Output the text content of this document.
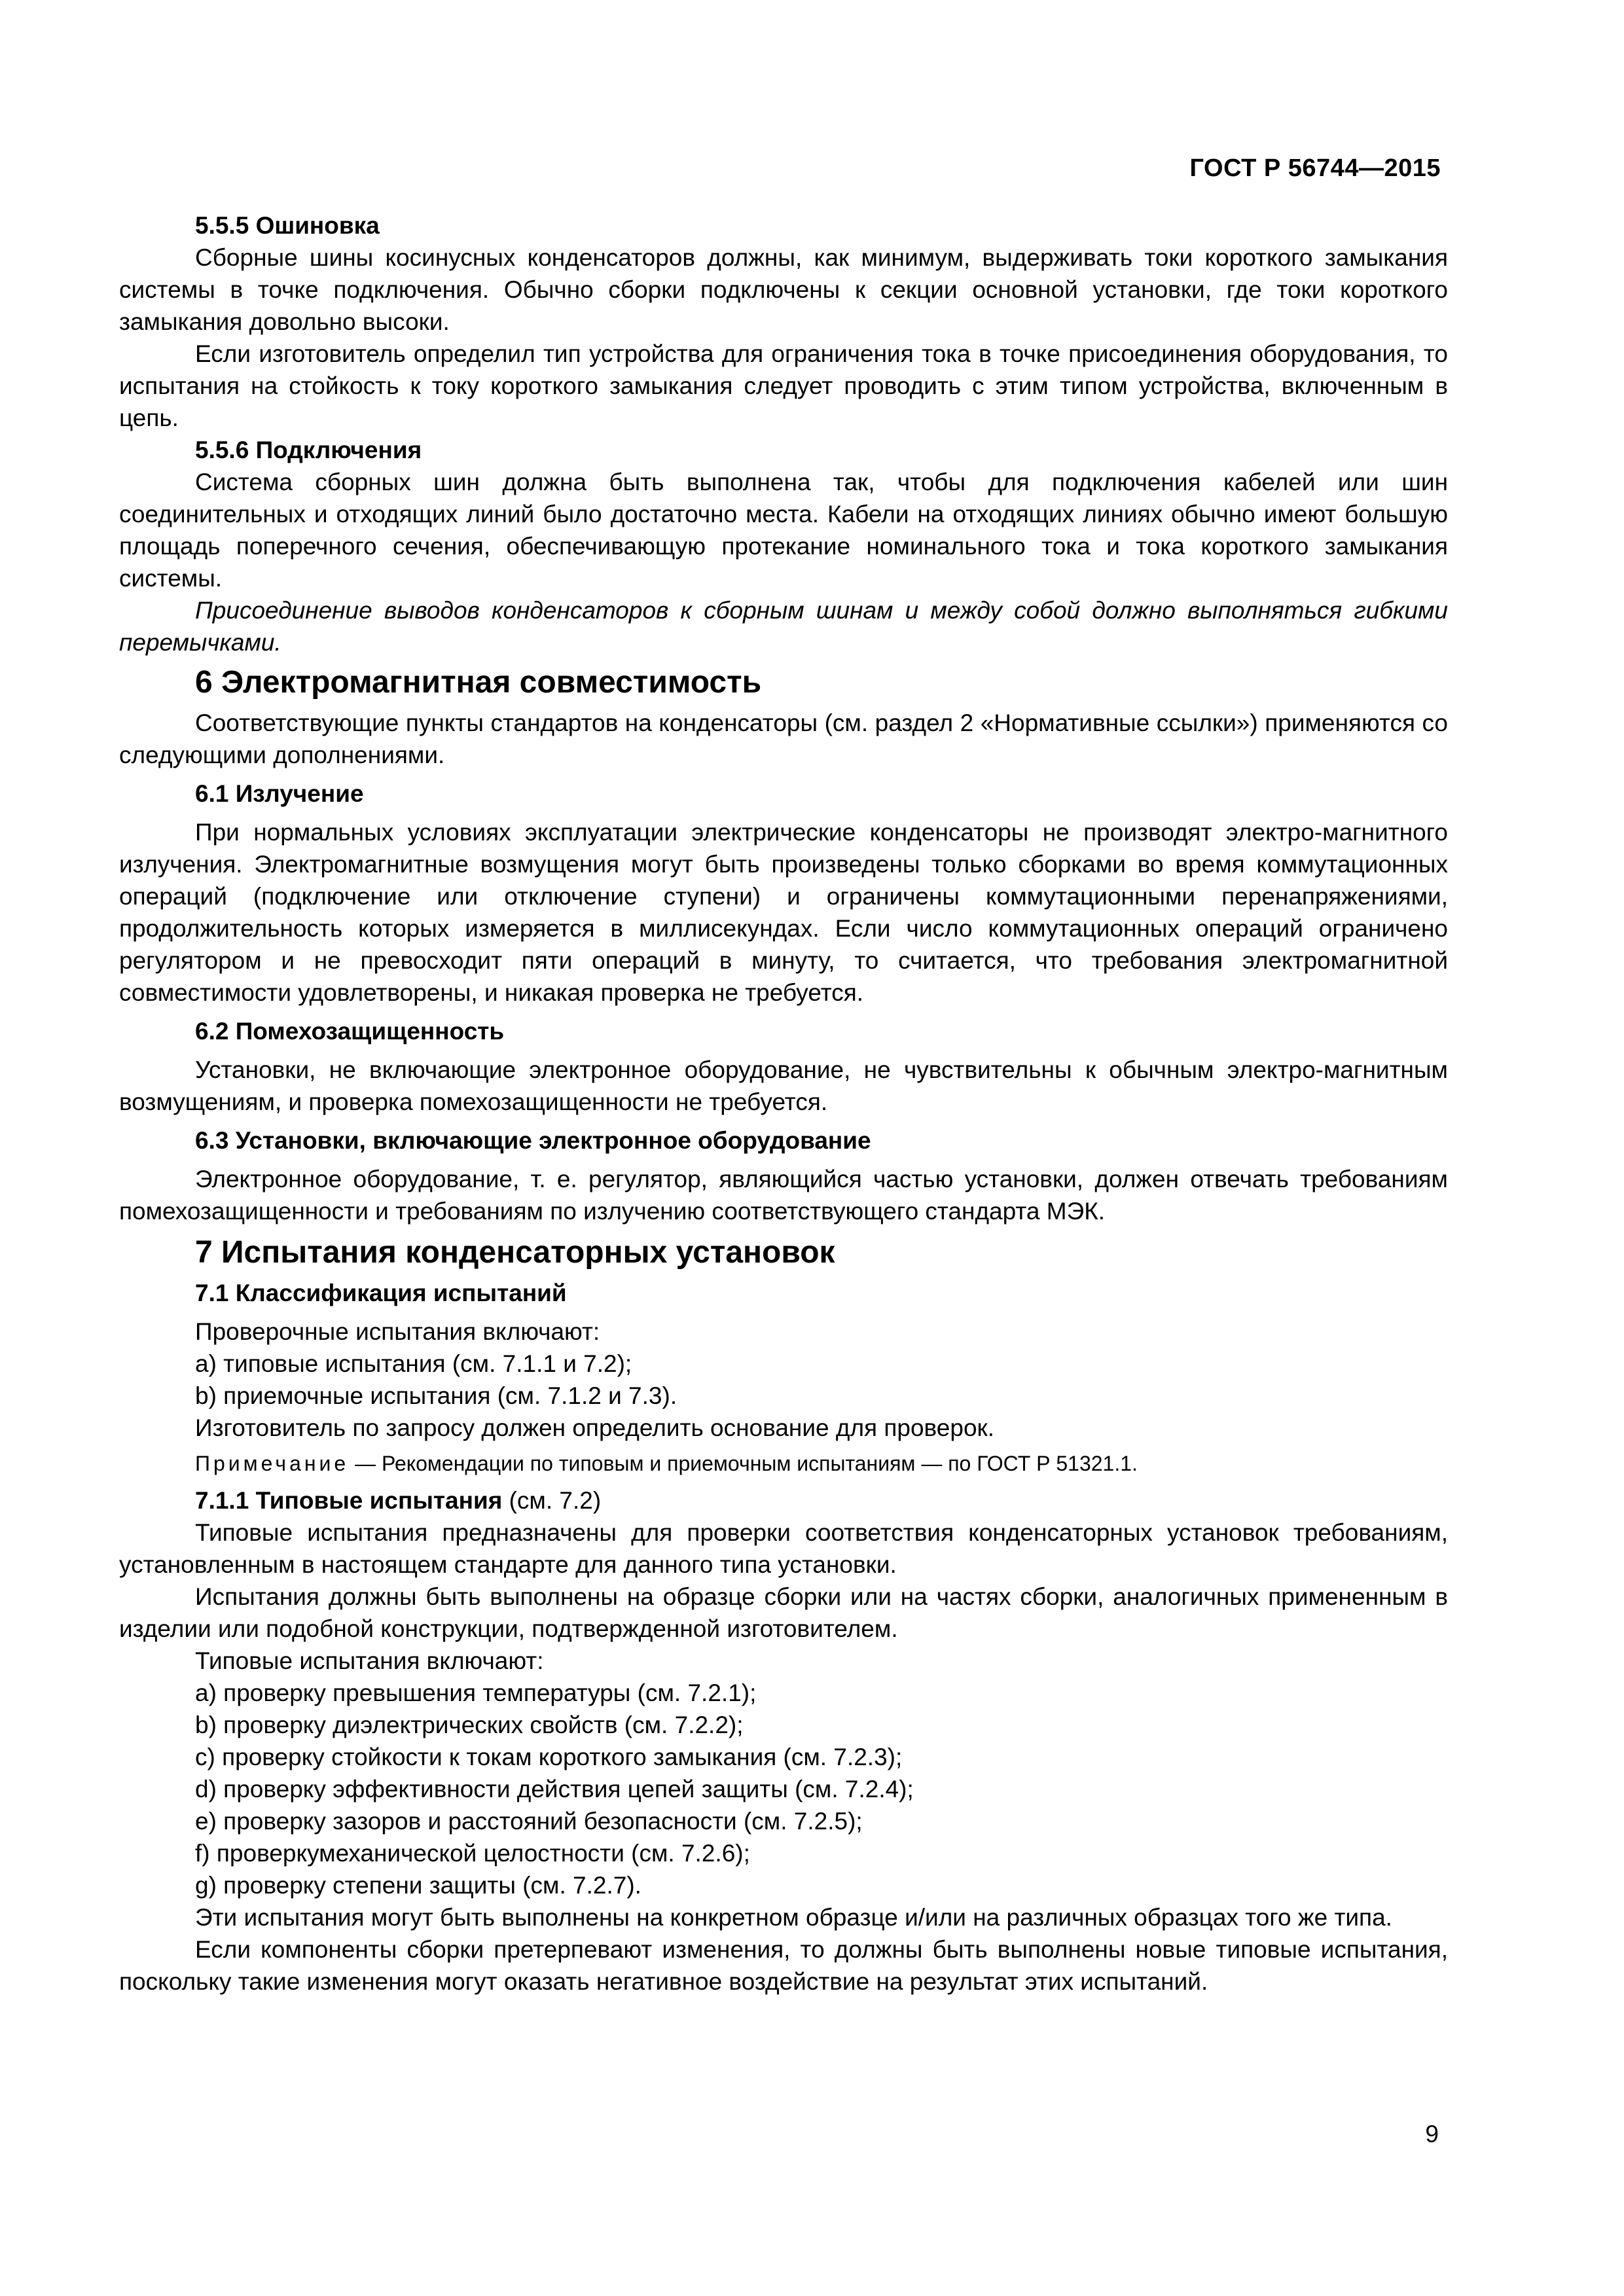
ГОСТ Р 56744—2015
5.5.5 Ошиновка

Сборные шины косинусных конденсаторов должны, как минимум, выдерживать токи короткого замыкания системы в точке подключения. Обычно сборки подключены к секции основной установки, где токи короткого замыкания довольно высоки.

Если изготовитель определил тип устройства для ограничения тока в точке присоединения оборудования, то испытания на стойкость к току короткого замыкания следует проводить с этим типом устройства, включенным в цепь.

5.5.6 Подключения

Система сборных шин должна быть выполнена так, чтобы для подключения кабелей или шин соединительных и отходящих линий было достаточно места. Кабели на отходящих линиях обычно имеют большую площадь поперечного сечения, обеспечивающую протекание номинального тока и тока короткого замыкания системы.

Присоединение выводов конденсаторов к сборным шинам и между собой должно выполняться гибкими перемычками.

6 Электромагнитная совместимость

Соответствующие пункты стандартов на конденсаторы (см. раздел 2 «Нормативные ссылки») применяются со следующими дополнениями.

6.1 Излучение

При нормальных условиях эксплуатации электрические конденсаторы не производят электро-магнитного излучения. Электромагнитные возмущения могут быть произведены только сборками во время коммутационных операций (подключение или отключение ступени) и ограничены коммутационными перенапряжениями, продолжительность которых измеряется в миллисекундах. Если число коммутационных операций ограничено регулятором и не превосходит пяти операций в минуту, то считается, что требования электромагнитной совместимости удовлетворены, и никакая проверка не требуется.

6.2 Помехозащищенность

Установки, не включающие электронное оборудование, не чувствительны к обычным электро-магнитным возмущениям, и проверка помехозащищенности не требуется.

6.3 Установки, включающие электронное оборудование

Электронное оборудование, т. е. регулятор, являющийся частью установки, должен отвечать требованиям помехозащищенности и требованиям по излучению соответствующего стандарта МЭК.

7 Испытания конденсаторных установок
7.1 Классификация испытаний
Проверочные испытания включают:
a) типовые испытания (см. 7.1.1 и 7.2);
b) приемочные испытания (см. 7.1.2 и 7.3).
Изготовитель по запросу должен определить основание для проверок.
Примечание — Рекомендации по типовым и приемочным испытаниям — по ГОСТ Р 51321.1.
7.1.1 Типовые испытания (см. 7.2)

Типовые испытания предназначены для проверки соответствия конденсаторных установок требованиям, установленным в настоящем стандарте для данного типа установки.

Испытания должны быть выполнены на образце сборки или на частях сборки, аналогичных примененным в изделии или подобной конструкции, подтвержденной изготовителем.

Типовые испытания включают:
a) проверку превышения температуры (см. 7.2.1);
b) проверку диэлектрических свойств (см. 7.2.2);
c) проверку стойкости к токам короткого замыкания (см. 7.2.3);
d) проверку эффективности действия цепей защиты (см. 7.2.4);
e) проверку зазоров и расстояний безопасности (см. 7.2.5);
f) проверкумеханической целостности (см. 7.2.6);
g) проверку степени защиты (см. 7.2.7).

Эти испытания могут быть выполнены на конкретном образце и/или на различных образцах того же типа.

Если компоненты сборки претерпевают изменения, то должны быть выполнены новые типовые испытания, поскольку такие изменения могут оказать негативное воздействие на результат этих испытаний.

9
